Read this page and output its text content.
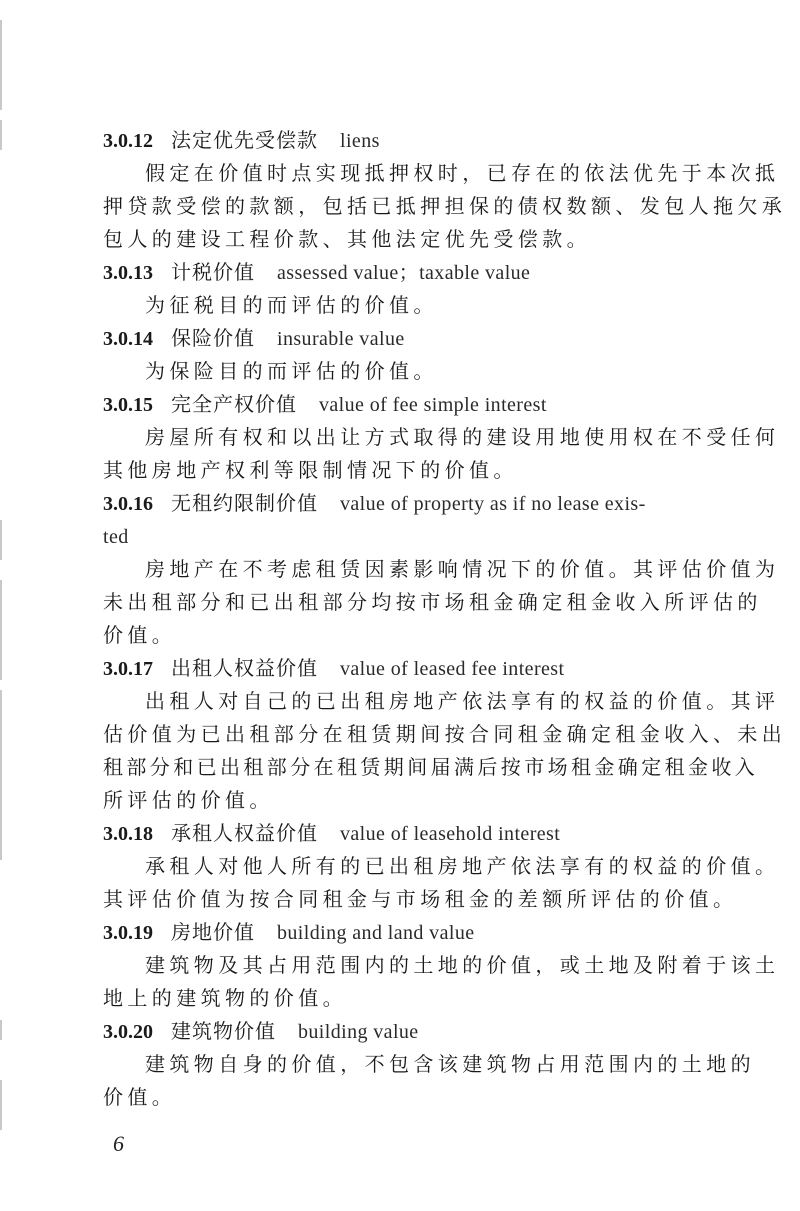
3.0.12 法定优先受偿款 liens
假定在价值时点实现抵押权时，已存在的依法优先于本次抵
押贷款受偿的款额，包括已抵押担保的债权数额、发包人拖欠承
包人的建设工程价款、其他法定优先受偿款。
3.0.13 计税价值 assessed value；taxable value
为征税目的而评估的价值。
3.0.14 保险价值 insurable value
为保险目的而评估的价值。
3.0.15 完全产权价值 value of fee simple interest
房屋所有权和以出让方式取得的建设用地使用权在不受任何
其他房地产权利等限制情况下的价值。
3.0.16 无租约限制价值 value of property as if no lease exis-
ted
房地产在不考虑租赁因素影响情况下的价值。其评估价值为
未出租部分和已出租部分均按市场租金确定租金收入所评估的
价值。
3.0.17 出租人权益价值 value of leased fee interest
出租人对自己的已出租房地产依法享有的权益的价值。其评
估价值为已出租部分在租赁期间按合同租金确定租金收入、未出
租部分和已出租部分在租赁期间届满后按市场租金确定租金收入
所评估的价值。
3.0.18 承租人权益价值 value of leasehold interest
承租人对他人所有的已出租房地产依法享有的权益的价值。
其评估价值为按合同租金与市场租金的差额所评估的价值。
3.0.19 房地价值 building and land value
建筑物及其占用范围内的土地的价值，或土地及附着于该土
地上的建筑物的价值。
3.0.20 建筑物价值 building value
建筑物自身的价值，不包含该建筑物占用范围内的土地的
价值。
6
